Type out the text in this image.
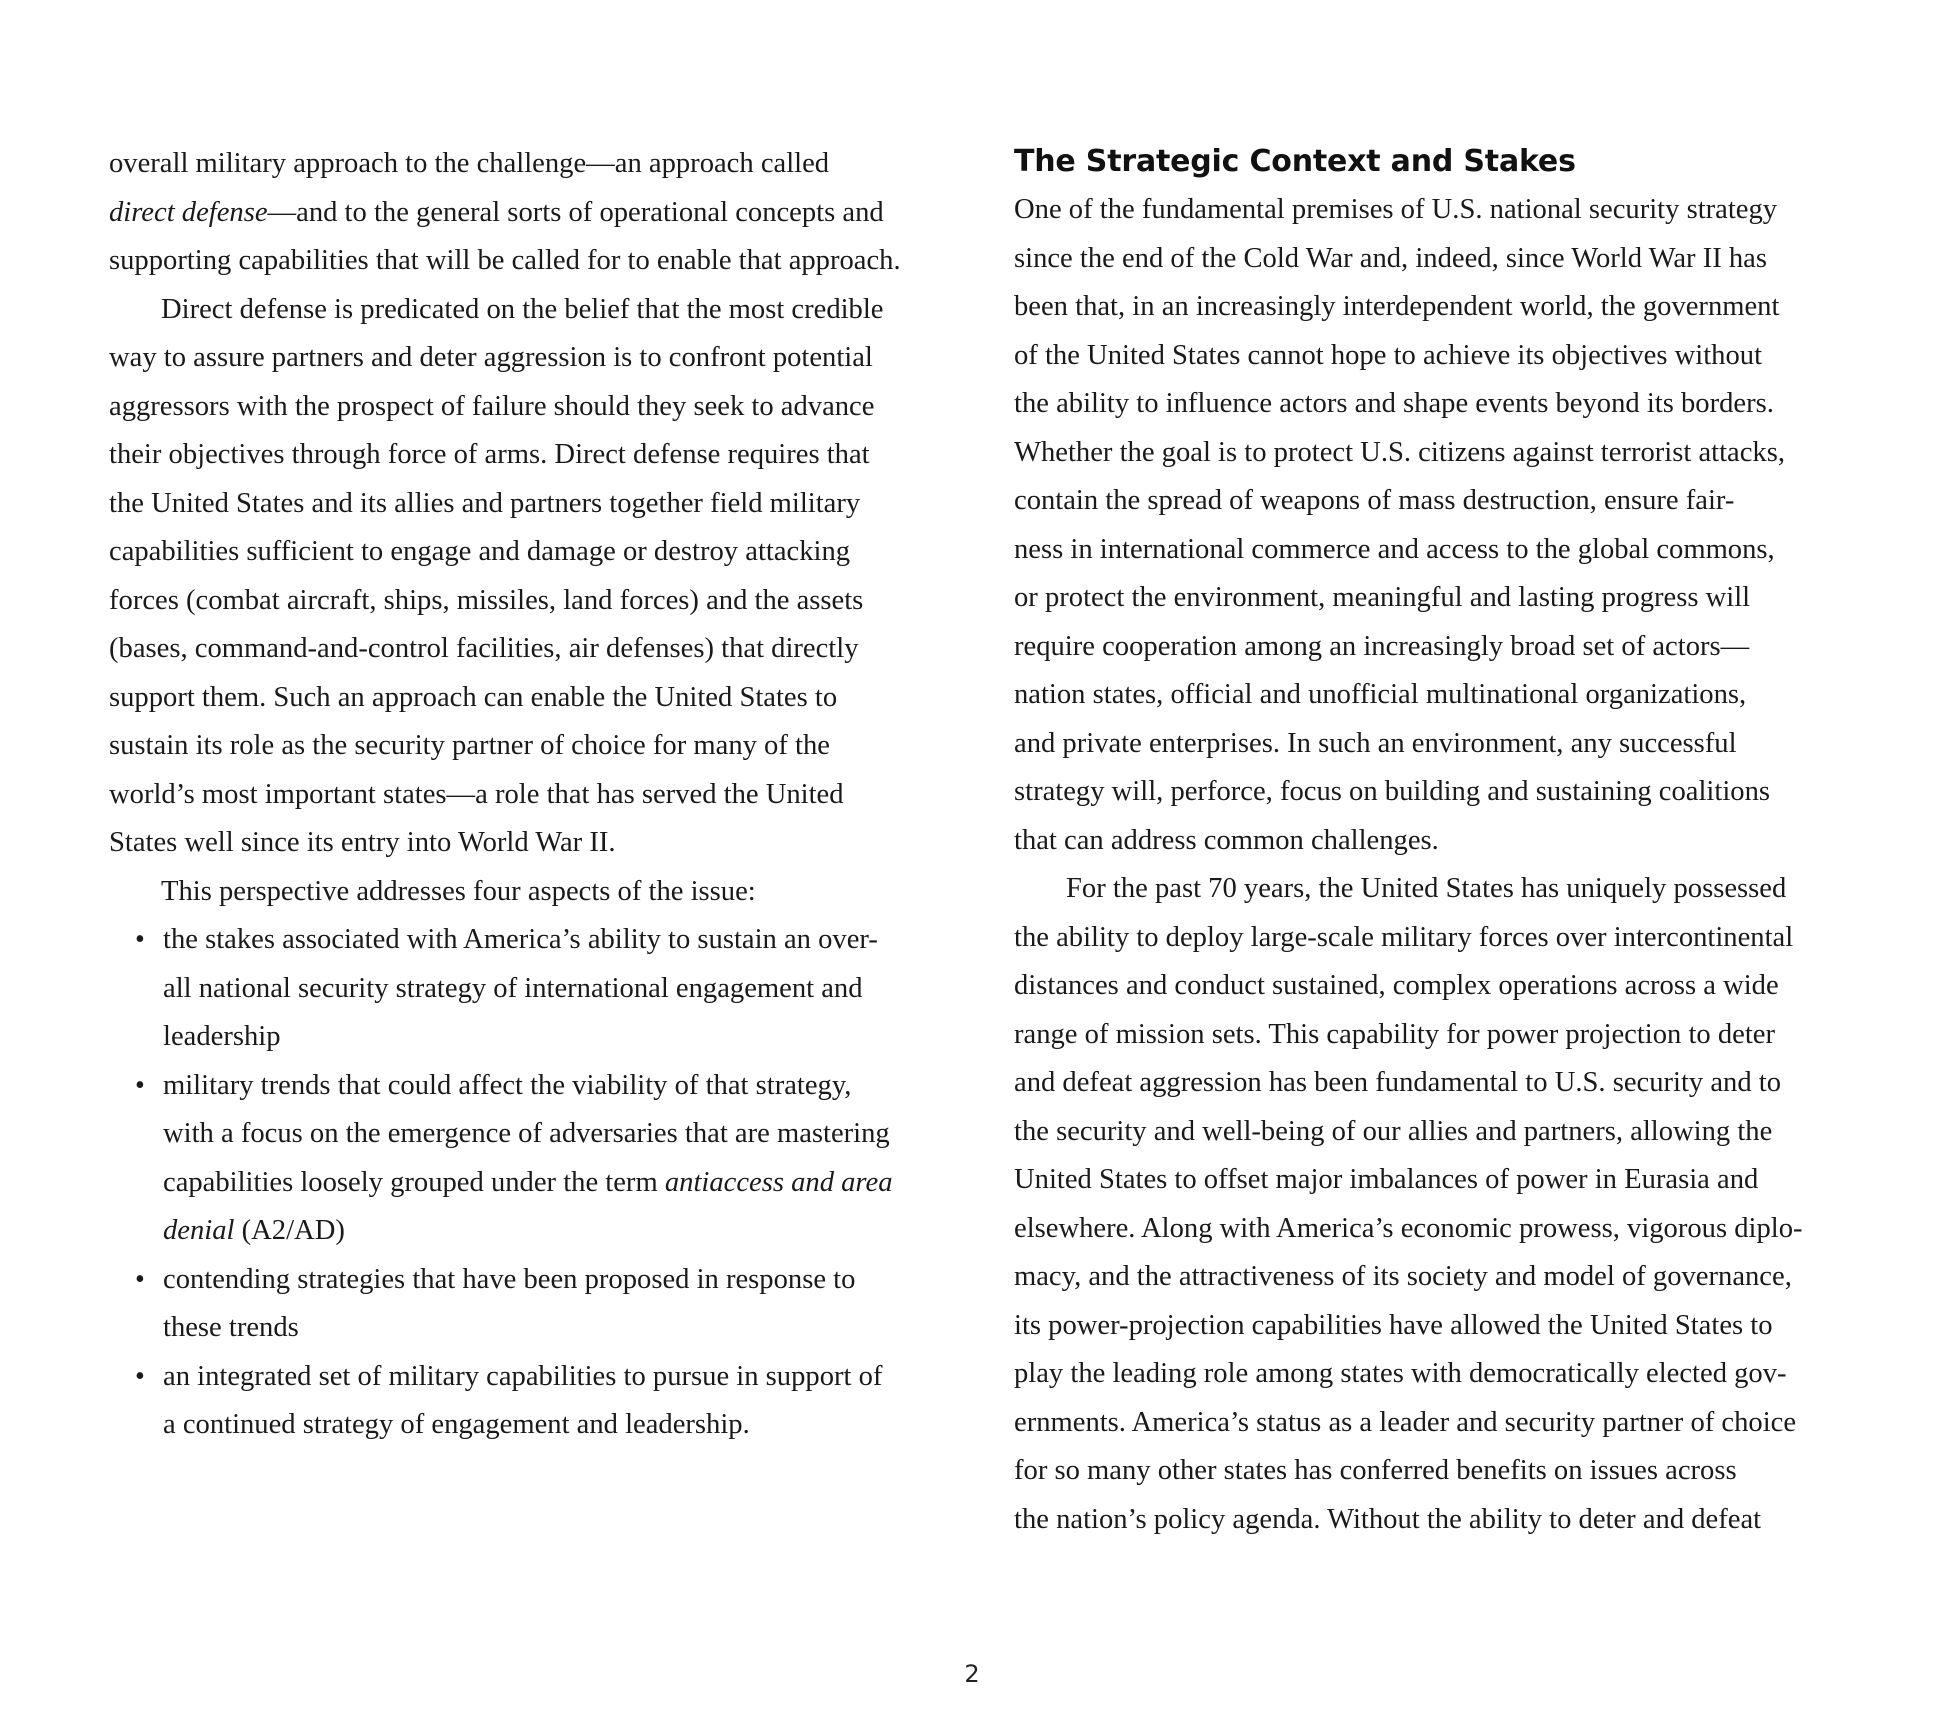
overall military approach to the challenge—an approach called
direct defense—and to the general sorts of operational concepts and
supporting capabilities that will be called for to enable that approach.
Direct defense is predicated on the belief that the most credible
way to assure partners and deter aggression is to confront potential
aggressors with the prospect of failure should they seek to advance
their objectives through force of arms. Direct defense requires that
the United States and its allies and partners together field military
capabilities sufficient to engage and damage or destroy attacking
forces (combat aircraft, ships, missiles, land forces) and the assets
(bases, command-and-control facilities, air defenses) that directly
support them. Such an approach can enable the United States to
sustain its role as the security partner of choice for many of the
world’s most important states—a role that has served the United
States well since its entry into World War II.
This perspective addresses four aspects of the issue:
• the stakes associated with America’s ability to sustain an over-
all national security strategy of international engagement and
leadership
• military trends that could affect the viability of that strategy,
with a focus on the emergence of adversaries that are mastering
capabilities loosely grouped under the term antiaccess and area
denial (A2/AD)
• contending strategies that have been proposed in response to
these trends
• an integrated set of military capabilities to pursue in support of
a continued strategy of engagement and leadership.
The Strategic Context and Stakes
One of the fundamental premises of U.S. national security strategy
since the end of the Cold War and, indeed, since World War II has
been that, in an increasingly interdependent world, the government
of the United States cannot hope to achieve its objectives without
the ability to influence actors and shape events beyond its borders.
Whether the goal is to protect U.S. citizens against terrorist attacks,
contain the spread of weapons of mass destruction, ensure fair-
ness in international commerce and access to the global commons,
or protect the environment, meaningful and lasting progress will
require cooperation among an increasingly broad set of actors—
nation states, official and unofficial multinational organizations,
and private enterprises. In such an environment, any successful
strategy will, perforce, focus on building and sustaining coalitions
that can address common challenges.
For the past 70 years, the United States has uniquely possessed
the ability to deploy large-scale military forces over intercontinental
distances and conduct sustained, complex operations across a wide
range of mission sets. This capability for power projection to deter
and defeat aggression has been fundamental to U.S. security and to
the security and well-being of our allies and partners, allowing the
United States to offset major imbalances of power in Eurasia and
elsewhere. Along with America’s economic prowess, vigorous diplo-
macy, and the attractiveness of its society and model of governance,
its power-projection capabilities have allowed the United States to
play the leading role among states with democratically elected gov-
ernments. America’s status as a leader and security partner of choice
for so many other states has conferred benefits on issues across
the nation’s policy agenda. Without the ability to deter and defeat
2
